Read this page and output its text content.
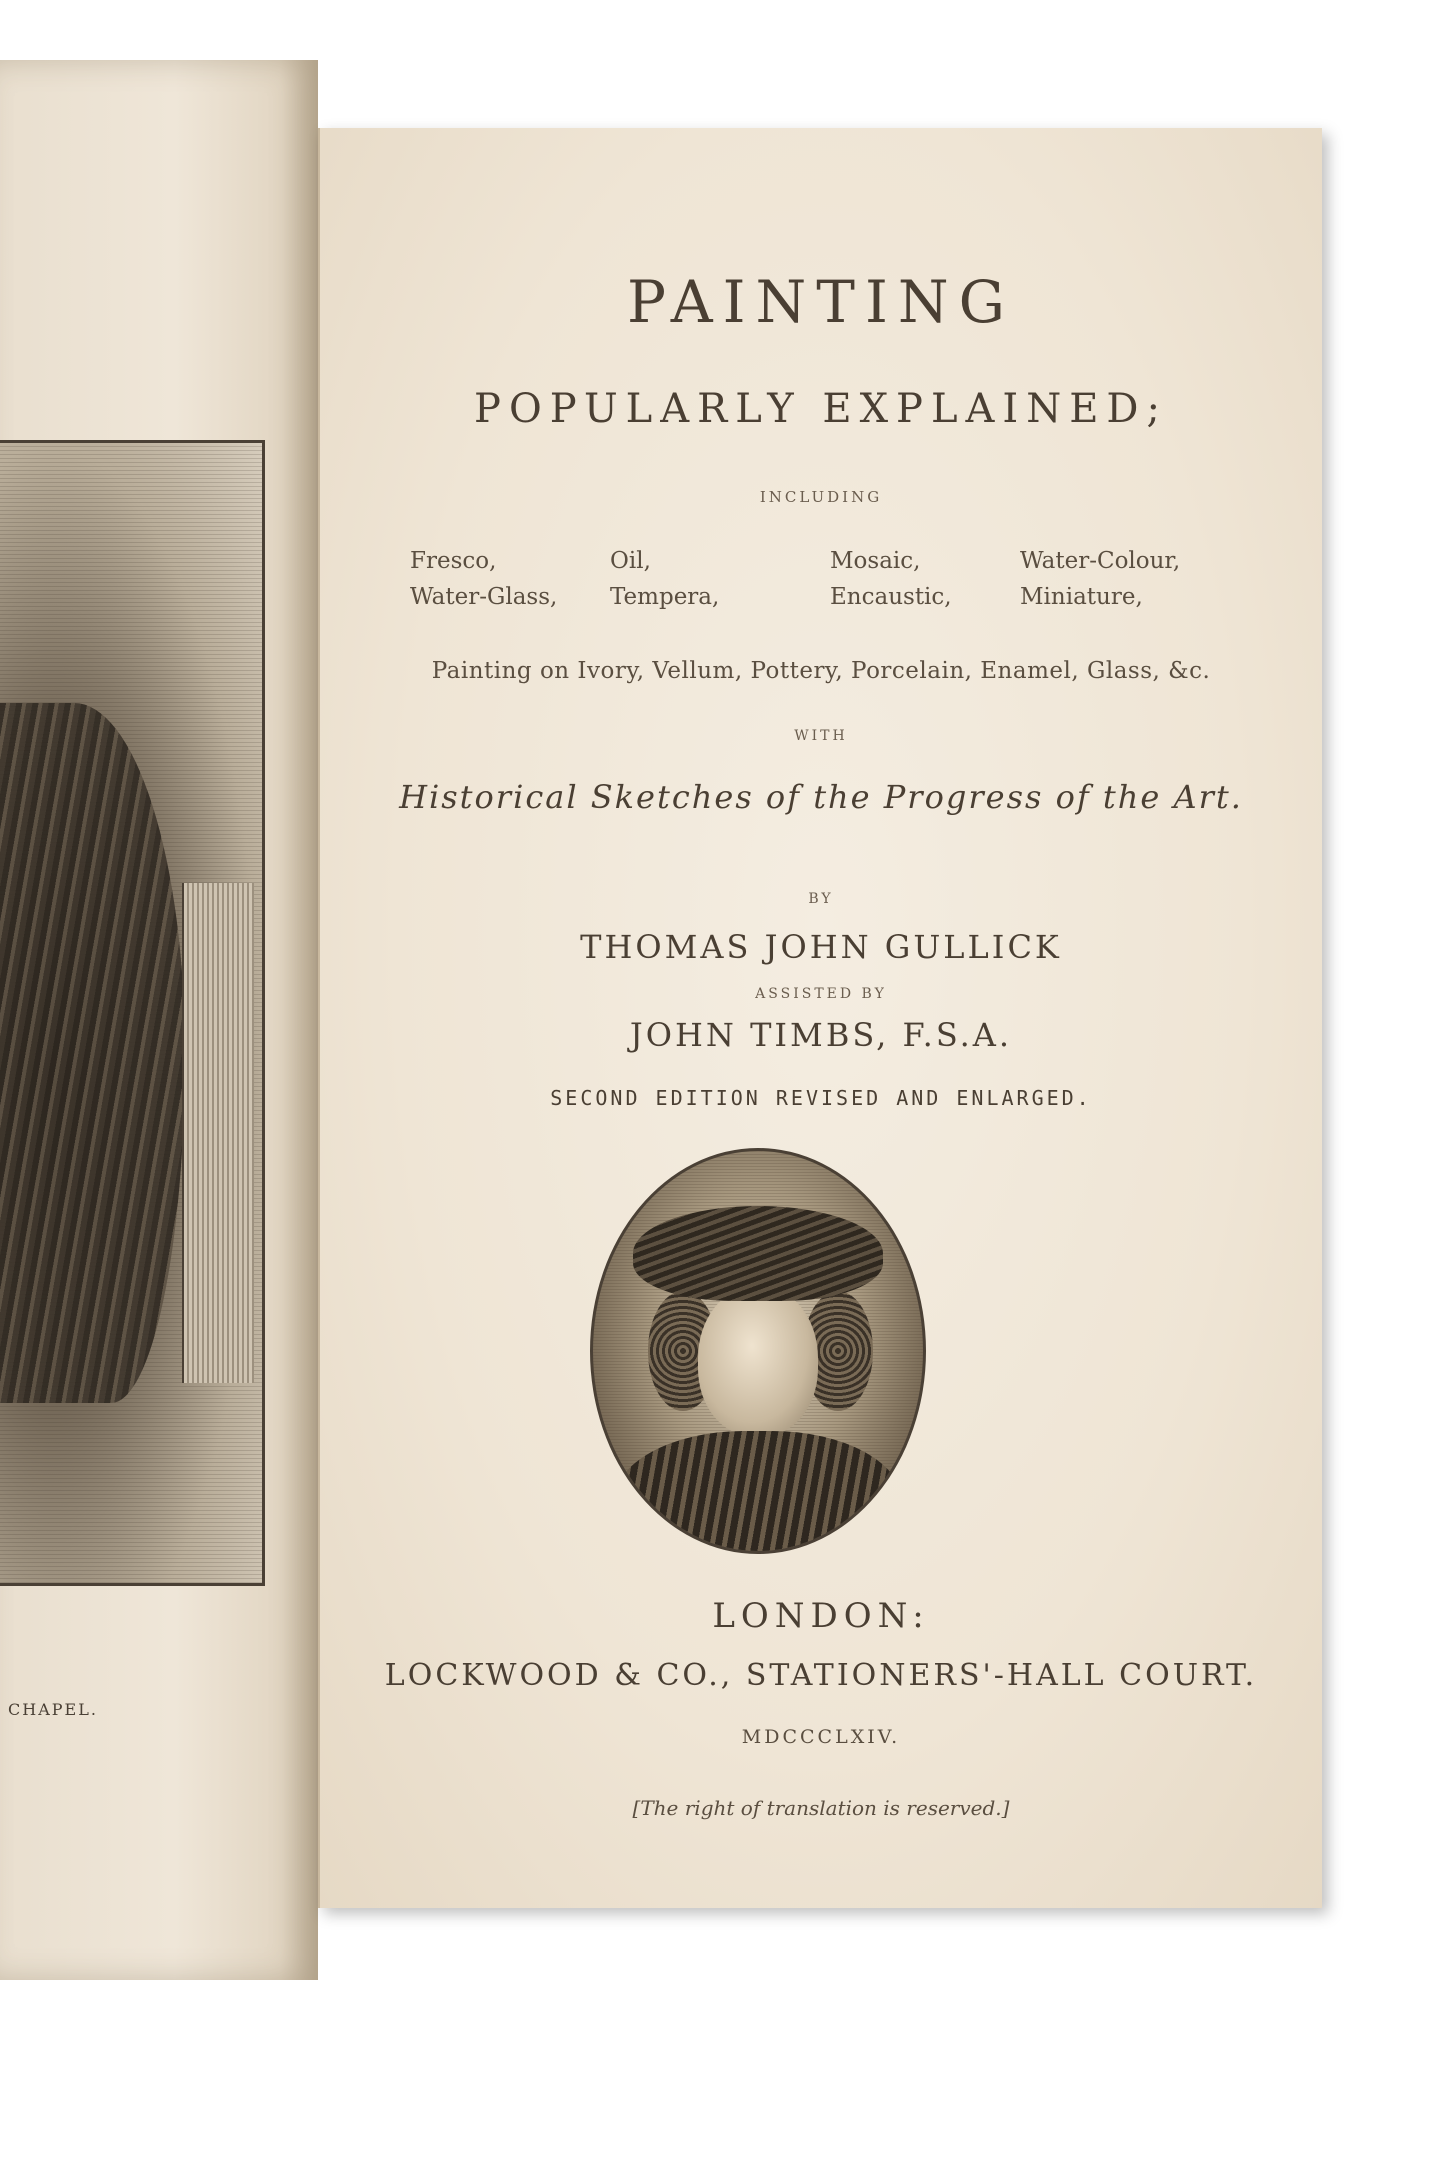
CHAPEL.
PAINTING
POPULARLY EXPLAINED;
INCLUDING
Fresco,
Water-Glass,
Oil,
Tempera,
Mosaic,
Encaustic,
Water-Colour,
Miniature,
Painting on Ivory, Vellum, Pottery, Porcelain, Enamel, Glass, &c.
WITH
Historical Sketches of the Progress of the Art.
BY
THOMAS JOHN GULLICK
ASSISTED BY
JOHN TIMBS, F.S.A.
SECOND EDITION REVISED AND ENLARGED.
LONDON:
LOCKWOOD & CO., STATIONERS'-HALL COURT.
MDCCCLXIV.
[The right of translation is reserved.]
